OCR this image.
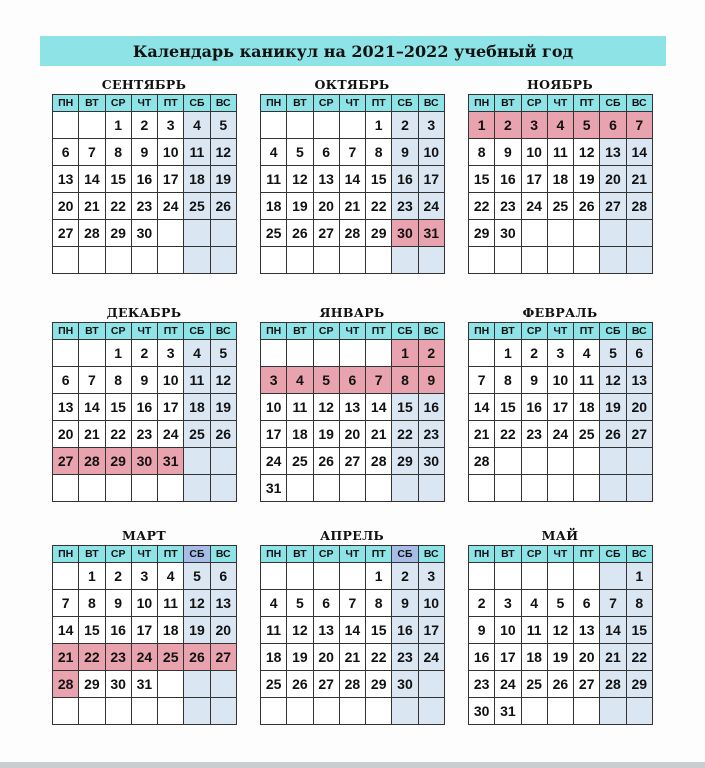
Календарь каникул на 2021–2022 учебный год
СЕНТЯБРЬ
ПН	ВТ	СР	ЧТ	ПТ	СБ	ВС
		1	2	3	4	5
6	7	8	9	10	11	12
13	14	15	16	17	18	19
20	21	22	23	24	25	26
27	28	29	30			

ОКТЯБРЬ
ПН	ВТ	СР	ЧТ	ПТ	СБ	ВС
				1	2	3
4	5	6	7	8	9	10
11	12	13	14	15	16	17
18	19	20	21	22	23	24
25	26	27	28	29	30	31

НОЯБРЬ
ПН	ВТ	СР	ЧТ	ПТ	СБ	ВС
1	2	3	4	5	6	7
8	9	10	11	12	13	14
15	16	17	18	19	20	21
22	23	24	25	26	27	28
29	30					

ДЕКАБРЬ
ПН	ВТ	СР	ЧТ	ПТ	СБ	ВС
		1	2	3	4	5
6	7	8	9	10	11	12
13	14	15	16	17	18	19
20	21	22	23	24	25	26
27	28	29	30	31		

ЯНВАРЬ
ПН	ВТ	СР	ЧТ	ПТ	СБ	ВС
					1	2
3	4	5	6	7	8	9
10	11	12	13	14	15	16
17	18	19	20	21	22	23
24	25	26	27	28	29	30
31						
ФЕВРАЛЬ
ПН	ВТ	СР	ЧТ	ПТ	СБ	ВС
	1	2	3	4	5	6
7	8	9	10	11	12	13
14	15	16	17	18	19	20
21	22	23	24	25	26	27
28						

МАРТ
ПН	ВТ	СР	ЧТ	ПТ	СБ	ВС
	1	2	3	4	5	6
7	8	9	10	11	12	13
14	15	16	17	18	19	20
21	22	23	24	25	26	27
28	29	30	31			

АПРЕЛЬ
ПН	ВТ	СР	ЧТ	ПТ	СБ	ВС
				1	2	3
4	5	6	7	8	9	10
11	12	13	14	15	16	17
18	19	20	21	22	23	24
25	26	27	28	29	30	

МАЙ
ПН	ВТ	СР	ЧТ	ПТ	СБ	ВС
						1
2	3	4	5	6	7	8
9	10	11	12	13	14	15
16	17	18	19	20	21	22
23	24	25	26	27	28	29
30	31					
